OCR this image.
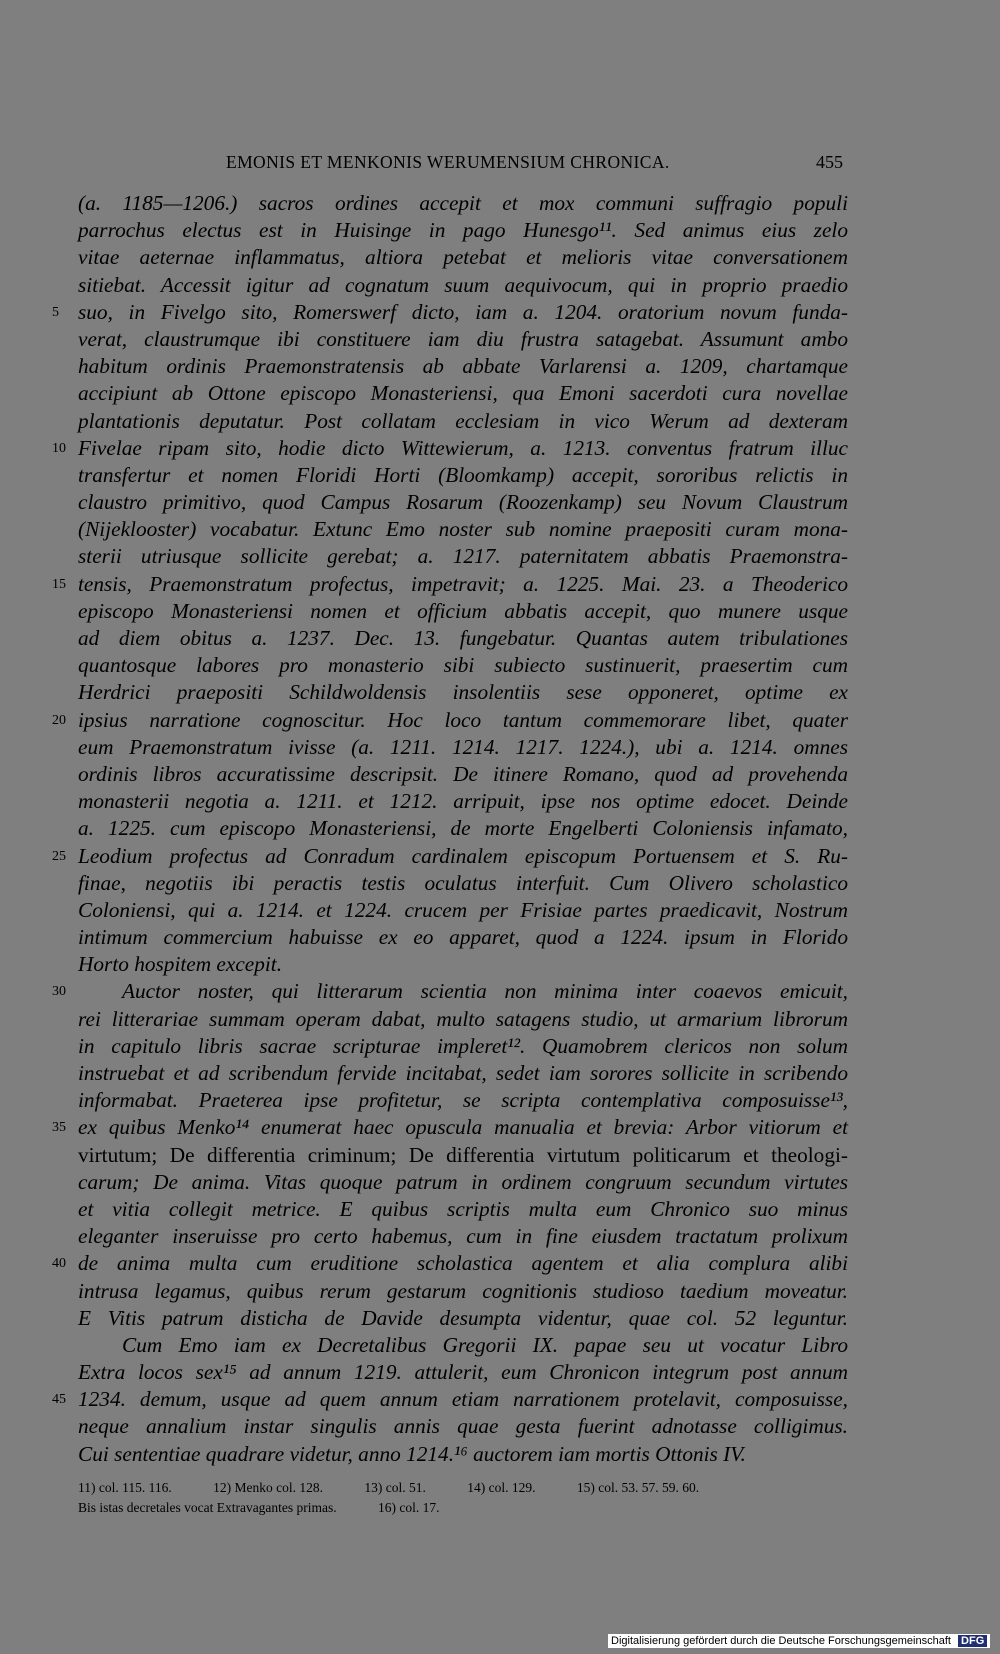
EMONIS ET MENKONIS WERUMENSIUM CHRONICA.	455
(a. 1185—1206.) sacros ordines accepit et mox communi suffragio populi
parrochus electus est in Huisinge in pago Hunesgo¹¹. Sed animus eius zelo
vitae aeternae inflammatus, altiora petebat et melioris vitae conversationem
sitiebat. Accessit igitur ad cognatum suum aequivocum, qui in proprio praedio
5 suo, in Fivelgo sito, Romerswerf dicto, iam a. 1204. oratorium novum funda-
verat, claustrumque ibi constituere iam diu frustra satagebat. Assumunt ambo
habitum ordinis Praemonstratensis ab abbate Varlarensi a. 1209, chartamque
accipiunt ab Ottone episcopo Monasteriensi, qua Emoni sacerdoti cura novellae
plantationis deputatur. Post collatam ecclesiam in vico Werum ad dexteram
10 Fivelae ripam sito, hodie dicto Wittewierum, a. 1213. conventus fratrum illuc
transfertur et nomen Floridi Horti (Bloomkamp) accepit, sororibus relictis in
claustro primitivo, quod Campus Rosarum (Roozenkamp) seu Novum Claustrum
(Nijeklooster) vocabatur. Extunc Emo noster sub nomine praepositi curam mona-
sterii utriusque sollicite gerebat; a. 1217. paternitatem abbatis Praemonstra-
15 tensis, Praemonstratum profectus, impetravit; a. 1225. Mai. 23. a Theoderico
episcopo Monasteriensi nomen et officium abbatis accepit, quo munere usque
ad diem obitus a. 1237. Dec. 13. fungebatur. Quantas autem tribulationes
quantosque labores pro monasterio sibi subiecto sustinuerit, praesertim cum
Herdrici praepositi Schildwoldensis insolentiis sese opponeret, optime ex
20 ipsius narratione cognoscitur. Hoc loco tantum commemorare libet, quater
eum Praemonstratum ivisse (a. 1211. 1214. 1217. 1224.), ubi a. 1214. omnes
ordinis libros accuratissime descripsit. De itinere Romano, quod ad provehenda
monasterii negotia a. 1211. et 1212. arripuit, ipse nos optime edocet. Deinde
a. 1225. cum episcopo Monasteriensi, de morte Engelberti Coloniensis infamato,
25 Leodium profectus ad Conradum cardinalem episcopum Portuensem et S. Ru-
finae, negotiis ibi peractis testis oculatus interfuit. Cum Olivero scholastico
Coloniensi, qui a. 1214. et 1224. crucem per Frisiae partes praedicavit, Nostrum
intimum commercium habuisse ex eo apparet, quod a 1224. ipsum in Florido
Horto hospitem excepit.
30	Auctor noster, qui litterarum scientia non minima inter coaevos emicuit,
rei litterariae summam operam dabat, multo satagens studio, ut armarium librorum
in capitulo libris sacrae scripturae impleret¹². Quamobrem clericos non solum
instruebat et ad scribendum fervide incitabat, sedet iam sorores sollicite in scribendo
informabat. Praeterea ipse profitetur, se scripta contemplativa composuisse¹³,
35 ex quibus Menko¹⁴ enumerat haec opuscula manualia et brevia: Arbor vitiorum et
virtutum; De differentia criminum; De differentia virtutum politicarum et theologi-
carum; De anima. Vitas quoque patrum in ordinem congruum secundum virtutes
et vitia collegit metrice. E quibus scriptis multa eum Chronico suo minus
eleganter inseruisse pro certo habemus, cum in fine eiusdem tractatum prolixum
40 de anima multa cum eruditione scholastica agentem et alia complura alibi
intrusa legamus, quibus rerum gestarum cognitionis studioso taedium moveatur.
E Vitis patrum disticha de Davide desumpta videntur, quae col. 52 leguntur.
Cum Emo iam ex Decretalibus Gregorii IX. papae seu ut vocatur Libro
Extra locos sex¹⁵ ad annum 1219. attulerit, eum Chronicon integrum post annum
45 1234. demum, usque ad quem annum etiam narrationem protelavit, composuisse,
neque annalium instar singulis annis quae gesta fuerint adnotasse colligimus.
Cui sententiae quadrare videtur, anno 1214.¹⁶ auctorem iam mortis Ottonis IV.
11) col. 115. 116.	12) Menko col. 128.	13) col. 51.	14) col. 129.	15) col. 53. 57. 59. 60.
Bis istas decretales vocat Extravagantes primas.	16) col. 17.
Digitalisierung gefördert durch die Deutsche Forschungsgemeinschaft DFG
